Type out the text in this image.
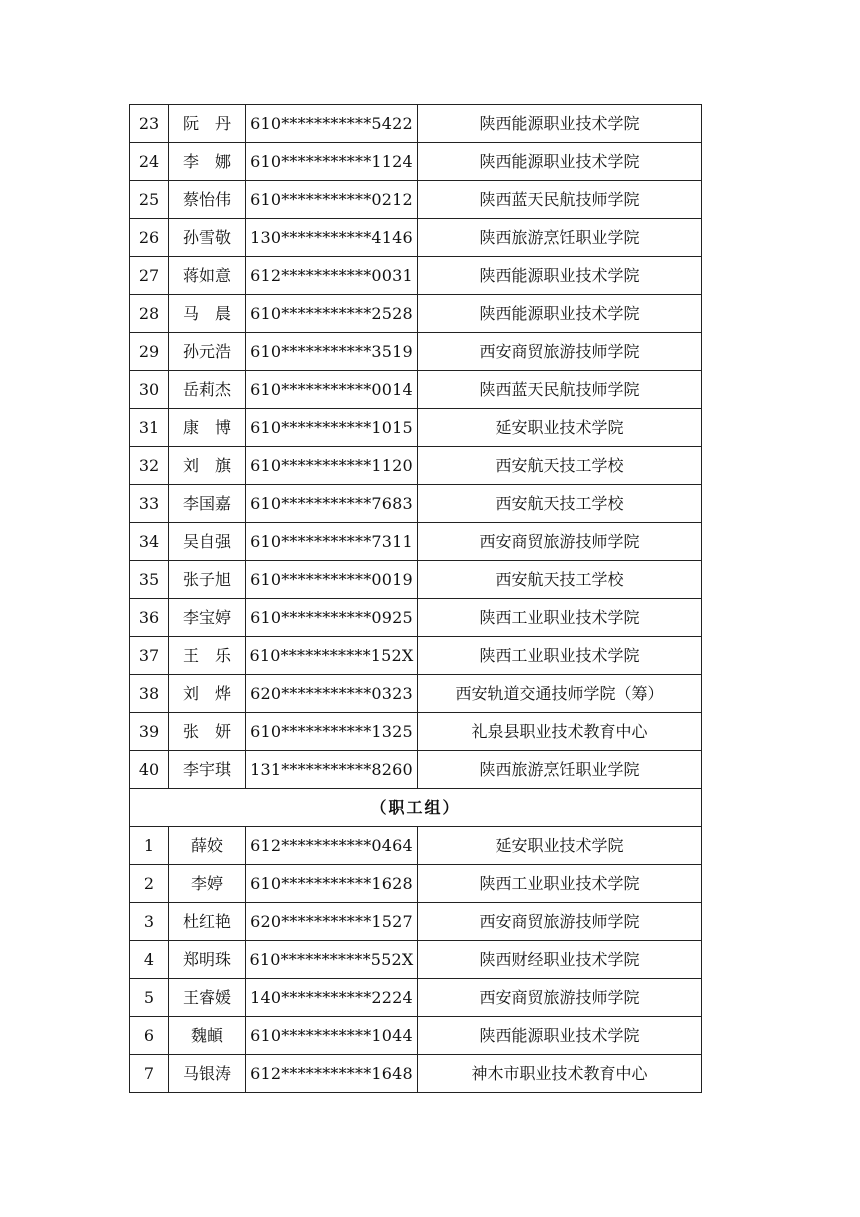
23	阮　丹	610***********5422	陕西能源职业技术学院
24	李　娜	610***********1124	陕西能源职业技术学院
25	蔡怡伟	610***********0212	陕西蓝天民航技师学院
26	孙雪敬	130***********4146	陕西旅游烹饪职业学院
27	蒋如意	612***********0031	陕西能源职业技术学院
28	马　晨	610***********2528	陕西能源职业技术学院
29	孙元浩	610***********3519	西安商贸旅游技师学院
30	岳莉杰	610***********0014	陕西蓝天民航技师学院
31	康　博	610***********1015	延安职业技术学院
32	刘　旗	610***********1120	西安航天技工学校
33	李国嘉	610***********7683	西安航天技工学校
34	吴自强	610***********7311	西安商贸旅游技师学院
35	张子旭	610***********0019	西安航天技工学校
36	李宝婷	610***********0925	陕西工业职业技术学院
37	王　乐	610***********152X	陕西工业职业技术学院
38	刘　烨	620***********0323	西安轨道交通技师学院（筹）
39	张　妍	610***********1325	礼泉县职业技术教育中心
40	李宇琪	131***********8260	陕西旅游烹饪职业学院
（职工组）			
1	薛姣	612***********0464	延安职业技术学院
2	李婷	610***********1628	陕西工业职业技术学院
3	杜红艳	620***********1527	西安商贸旅游技师学院
4	郑明珠	610***********552X	陕西财经职业技术学院
5	王睿媛	140***********2224	西安商贸旅游技师学院
6	魏頔	610***********1044	陕西能源职业技术学院
7	马银涛	612***********1648	神木市职业技术教育中心
